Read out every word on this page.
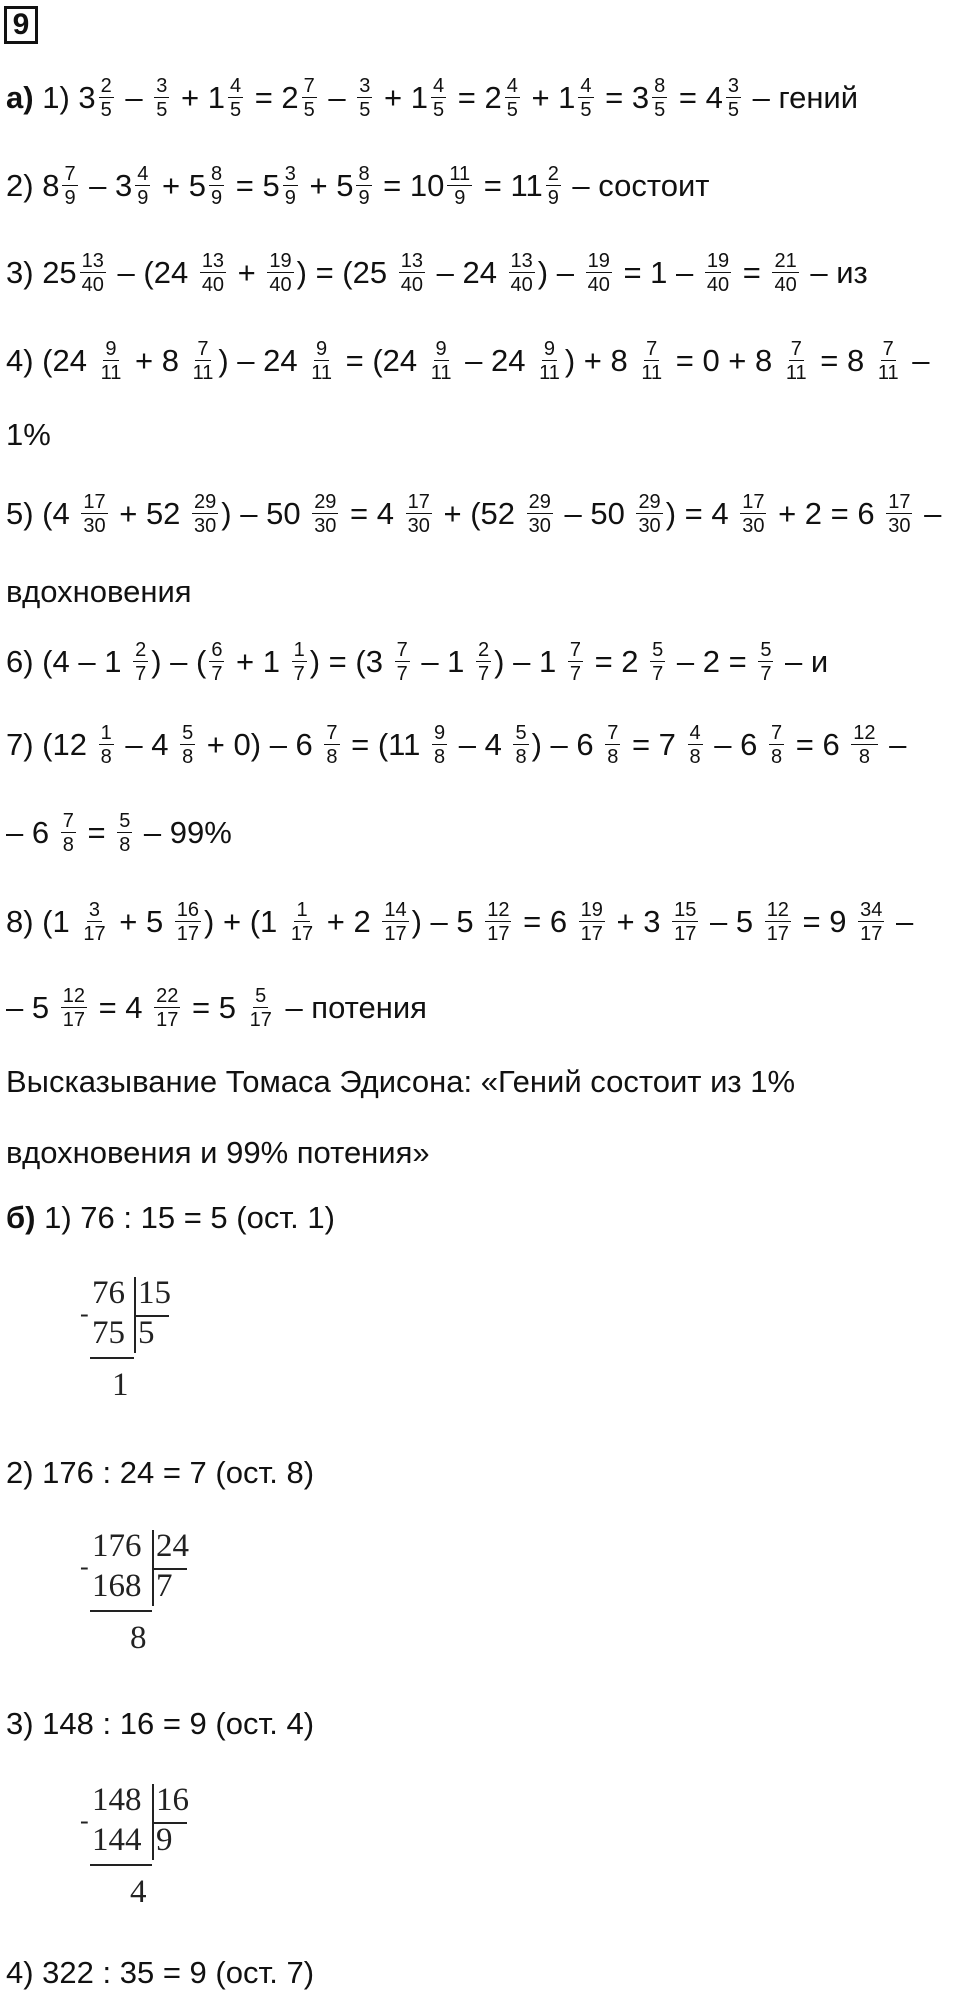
9
а)
1) $3 \frac{2}{5} - \frac{3}{5} + 1 \frac{4}{5} = 2 \frac{7}{5} - \frac{3}{5} + 1 \frac{4}{5} = 2 \frac{4}{5} + 1 \frac{4}{5} = 3 \frac{8}{5} = 4 \frac{3}{5}$ – гений
2) $8 \frac{7}{9} - 3 \frac{4}{9} + 5 \frac{8}{9} = 5 \frac{3}{9} + 5 \frac{8}{9} = 10 \frac{11}{9} = 11 \frac{2}{9}$ – состоит
3) $25 \frac{13}{40} - (24 \frac{13}{40} + \frac{19}{40}$ ) = ($25 \frac{13}{40} - 24 \frac{13}{40}$ ) – $\frac{19}{40} = 1 - \frac{19}{40} = \frac{21}{40}$ – из
4) ($24 \frac{9}{11} + 8 \frac{7}{11}$ ) – $24 \frac{9}{11} = (24 \frac{9}{11} - 24 \frac{9}{11}$ ) + $8 \frac{7}{11} = 0 + 8 \frac{7}{11} = 8 \frac{7}{11}$ –
1%
5) ($4 \frac{17}{30} + 52 \frac{29}{30}$ ) – $50 \frac{29}{30} = 4 \frac{17}{30} + (52 \frac{29}{30} - 50 \frac{29}{30}$ ) = $4 \frac{17}{30} + 2 = 6 \frac{17}{30}$ –
вдохновения
6) ($4 - 1 \frac{2}{7}$ ) – ( $\frac{6}{7} + 1 \frac{1}{7}$ ) = ($3 \frac{7}{7} - 1 \frac{2}{7}$ ) – $1 \frac{7}{7} = 2 \frac{5}{7} - 2 = \frac{5}{7} - и$
7) $(12 \frac{1}{8} - 4 \frac{5}{8} + 0) - 6 \frac{7}{8} = (11 \frac{9}{8} - 4 \frac{5}{8}$ ) – $6 \frac{7}{8} = 7 \frac{4}{8} - 6 \frac{7}{8} = 6 \frac{12}{8}$ –
– $6 \frac{7}{8} = \frac{5}{8} - 99\%$
8) ($1 \frac{3}{17} + 5 \frac{16}{17}$ ) + ($1 \frac{1}{17} + 2 \frac{14}{17}$ ) – $5 \frac{12}{17} = 6 \frac{19}{17} + 3 \frac{15}{17} - 5 \frac{12}{17} = 9 \frac{34}{17}$ –
– $5 \frac{12}{17} = 4 \frac{22}{17} = 5 \frac{5}{17}$ – потения
Высказывание Томаса Эдисона: «Гений состоит из 1%
вдохновения и 99% потения»
б) 1) 76 : 15 = 5 (ост. 1)
76 15
-
75 5
1
2) 176 : 24 = 7 (ост. 8)
176 24
-
168 7
8
3) 148 : 16 = 9 (ост. 4)
148 16
-
144 9
4
4) 322 : 35 = 9 (ост. 7)
